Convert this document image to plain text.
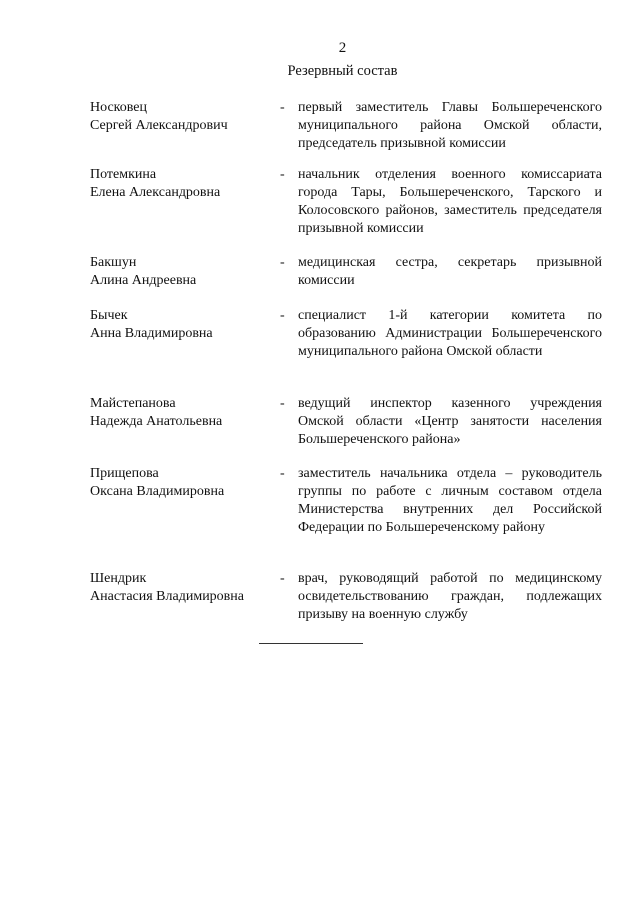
2
Резервный состав
Носковец
Сергей Александрович
- первый заместитель Главы Большереченского муниципального района Омской области, председатель призывной комиссии
Потемкина
Елена Александровна
- начальник отделения военного комиссариата города Тары, Большереченского, Тарского и Колосовского районов, заместитель председателя призывной комиссии
Бакшун
Алина Андреевна
- медицинская сестра, секретарь призывной комиссии
Бычек
Анна Владимировна
- специалист 1-й категории комитета по образованию Администрации Большереченского муниципального района Омской области
Майстепанова
Надежда Анатольевна
- ведущий инспектор казенного учреждения Омской области «Центр занятости населения Большереченского района»
Прищепова
Оксана Владимировна
- заместитель начальника отдела – руководитель группы по работе с личным составом отдела Министерства внутренних дел Российской Федерации по Большереченскому району
Шендрик
Анастасия Владимировна
- врач, руководящий работой по медицинскому освидетельствованию граждан, подлежащих призыву на военную службу
